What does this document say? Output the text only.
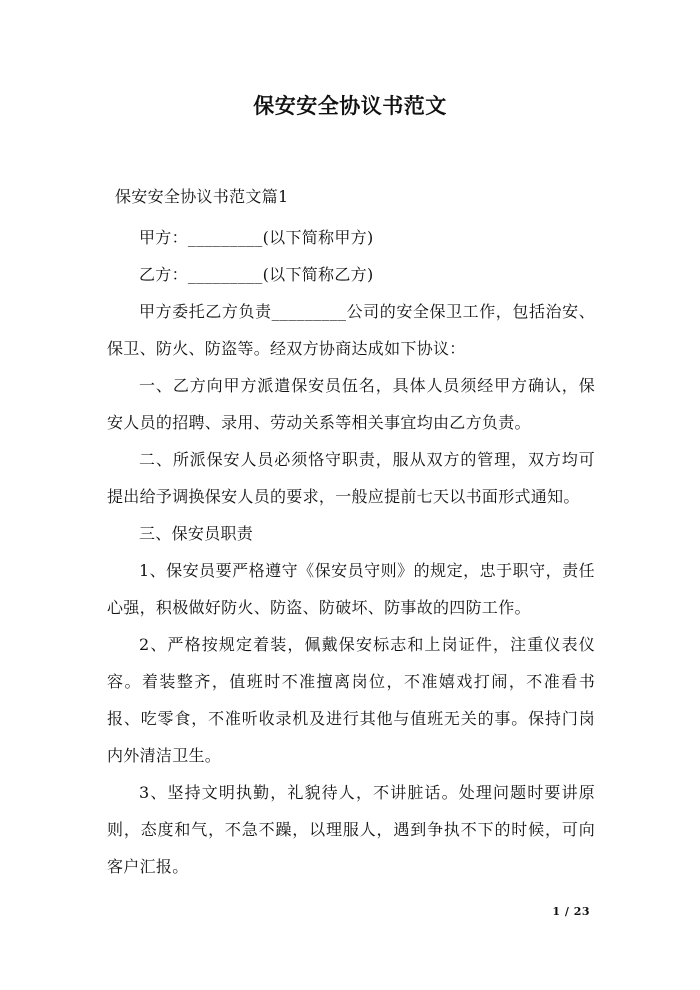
保安安全协议书范文

保安安全协议书范文篇1

甲方：_________(以下简称甲方)

乙方：_________(以下简称乙方)

甲方委托乙方负责_________公司的安全保卫工作，包括治安、保卫、防火、防盗等。经双方协商达成如下协议：

一、乙方向甲方派遣保安员伍名，具体人员须经甲方确认，保安人员的招聘、录用、劳动关系等相关事宜均由乙方负责。

二、所派保安人员必须恪守职责，服从双方的管理，双方均可提出给予调换保安人员的要求，一般应提前七天以书面形式通知。

三、保安员职责

1、保安员要严格遵守《保安员守则》的规定，忠于职守，责任心强，积极做好防火、防盗、防破坏、防事故的四防工作。

2、严格按规定着装，佩戴保安标志和上岗证件，注重仪表仪容。着装整齐，值班时不准擅离岗位，不准嬉戏打闹，不准看书报、吃零食，不准听收录机及进行其他与值班无关的事。保持门岗内外清洁卫生。

3、坚持文明执勤，礼貌待人，不讲脏话。处理问题时要讲原则，态度和气，不急不躁，以理服人，遇到争执不下的时候，可向客户汇报。

1 / 23
